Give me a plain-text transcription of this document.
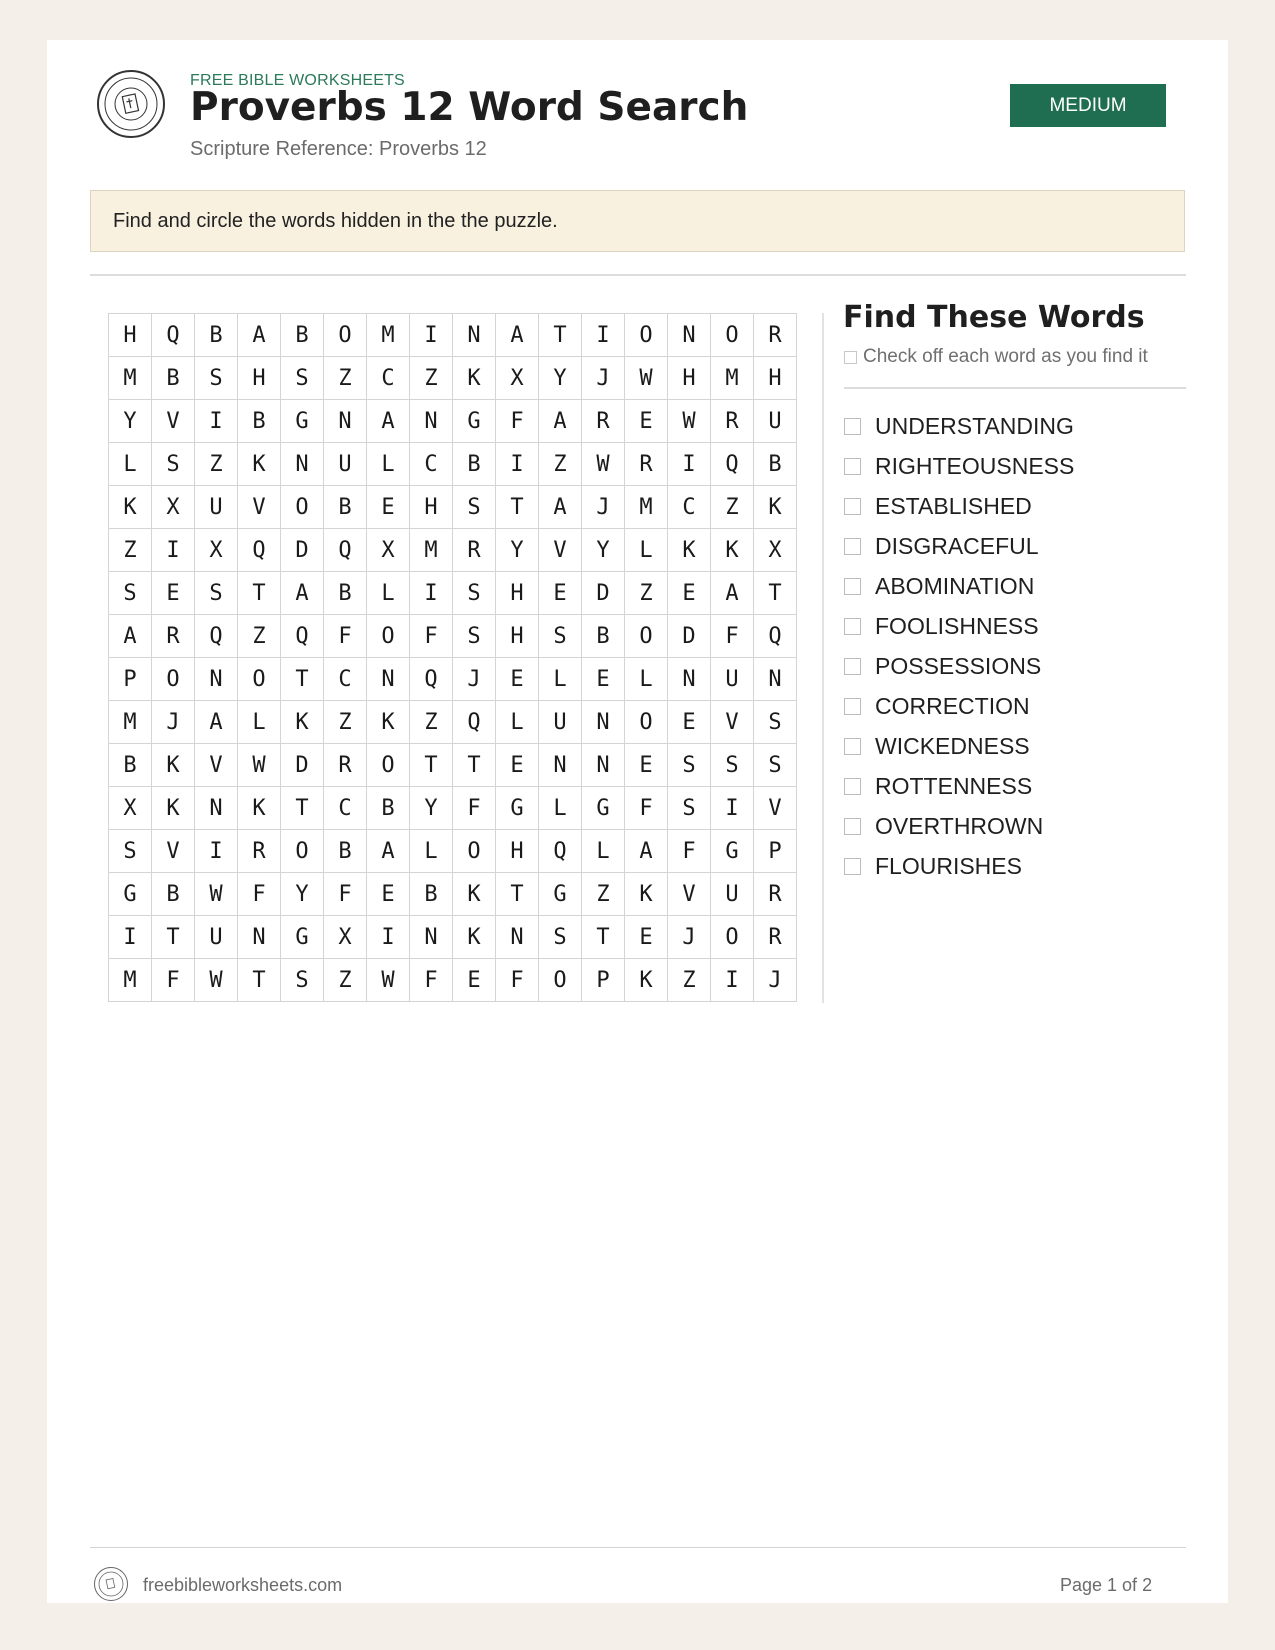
FREE BIBLE WORKSHEETS
Proverbs 12 Word Search
Scripture Reference: Proverbs 12
MEDIUM
Find and circle the words hidden in the the puzzle.
H	Q	B	A	B	O	M	I	N	A	T	I	O	N	O	R
M	B	S	H	S	Z	C	Z	K	X	Y	J	W	H	M	H
Y	V	I	B	G	N	A	N	G	F	A	R	E	W	R	U
L	S	Z	K	N	U	L	C	B	I	Z	W	R	I	Q	B
K	X	U	V	O	B	E	H	S	T	A	J	M	C	Z	K
Z	I	X	Q	D	Q	X	M	R	Y	V	Y	L	K	K	X
S	E	S	T	A	B	L	I	S	H	E	D	Z	E	A	T
A	R	Q	Z	Q	F	O	F	S	H	S	B	O	D	F	Q
P	O	N	O	T	C	N	Q	J	E	L	E	L	N	U	N
M	J	A	L	K	Z	K	Z	Q	L	U	N	O	E	V	S
B	K	V	W	D	R	O	T	T	E	N	N	E	S	S	S
X	K	N	K	T	C	B	Y	F	G	L	G	F	S	I	V
S	V	I	R	O	B	A	L	O	H	Q	L	A	F	G	P
G	B	W	F	Y	F	E	B	K	T	G	Z	K	V	U	R
I	T	U	N	G	X	I	N	K	N	S	T	E	J	O	R
M	F	W	T	S	Z	W	F	E	F	O	P	K	Z	I	J
Find These Words
Check off each word as you find it
UNDERSTANDING
RIGHTEOUSNESS
ESTABLISHED
DISGRACEFUL
ABOMINATION
FOOLISHNESS
POSSESSIONS
CORRECTION
WICKEDNESS
ROTTENNESS
OVERTHROWN
FLOURISHES
freebibleworksheets.com	Page 1 of 2
